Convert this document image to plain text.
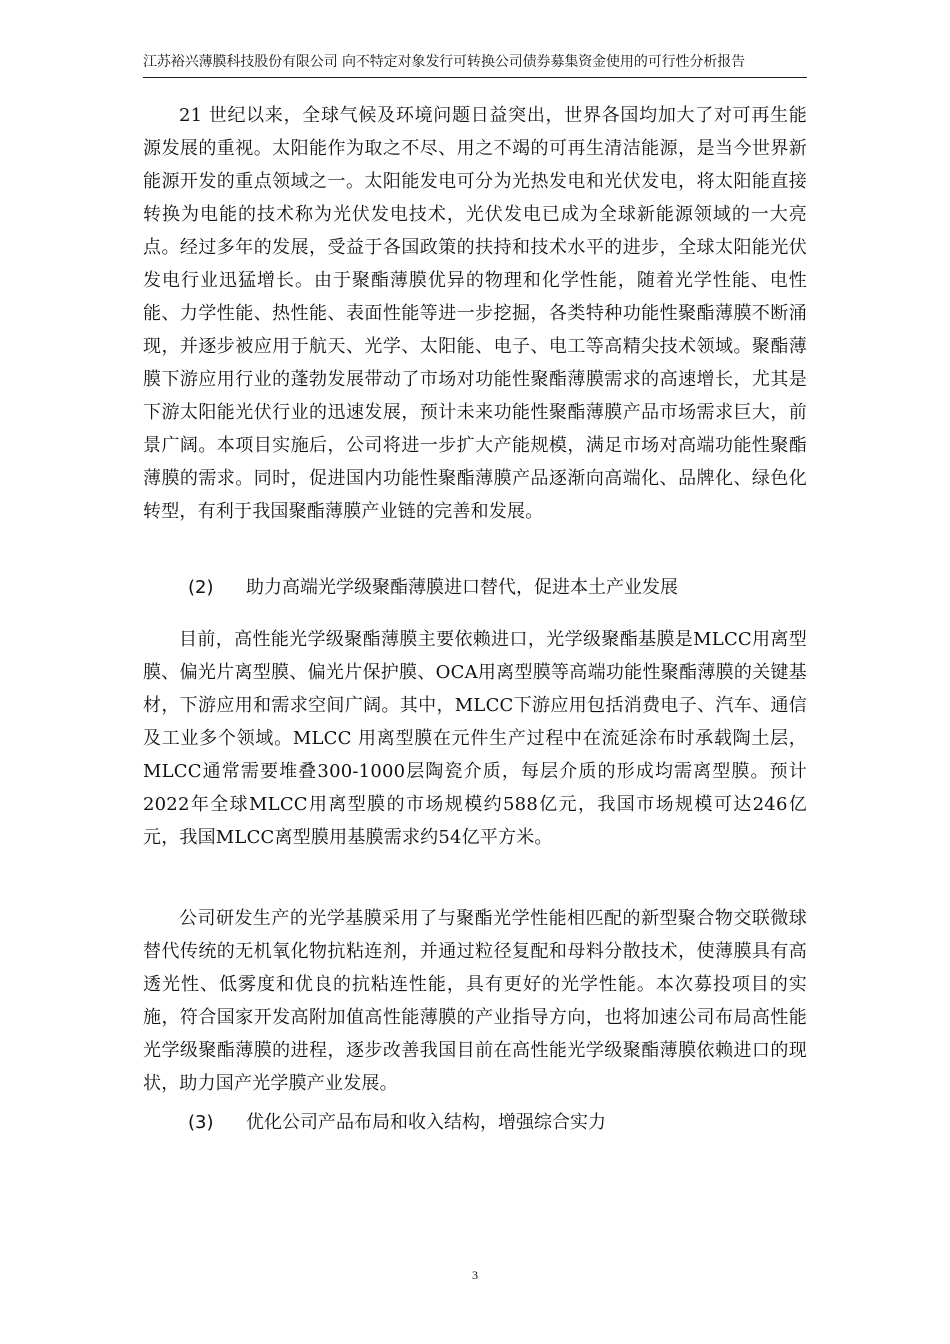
江苏裕兴薄膜科技股份有限公司 向不特定对象发行可转换公司债券募集资金使用的可行性分析报告

21 世纪以来，全球气候及环境问题日益突出，世界各国均加大了对可再生能源发展的重视。太阳能作为取之不尽、用之不竭的可再生清洁能源，是当今世界新能源开发的重点领域之一。太阳能发电可分为光热发电和光伏发电，将太阳能直接转换为电能的技术称为光伏发电技术，光伏发电已成为全球新能源领域的一大亮点。经过多年的发展，受益于各国政策的扶持和技术水平的进步，全球太阳能光伏发电行业迅猛增长。由于聚酯薄膜优异的物理和化学性能，随着光学性能、电性能、力学性能、热性能、表面性能等进一步挖掘，各类特种功能性聚酯薄膜不断涌现，并逐步被应用于航天、光学、太阳能、电子、电工等高精尖技术领域。聚酯薄膜下游应用行业的蓬勃发展带动了市场对功能性聚酯薄膜需求的高速增长，尤其是下游太阳能光伏行业的迅速发展，预计未来功能性聚酯薄膜产品市场需求巨大，前景广阔。本项目实施后，公司将进一步扩大产能规模，满足市场对高端功能性聚酯薄膜的需求。同时，促进国内功能性聚酯薄膜产品逐渐向高端化、品牌化、绿色化转型，有利于我国聚酯薄膜产业链的完善和发展。

(2) 助力高端光学级聚酯薄膜进口替代，促进本土产业发展

目前，高性能光学级聚酯薄膜主要依赖进口，光学级聚酯基膜是MLCC用离型膜、偏光片离型膜、偏光片保护膜、OCA用离型膜等高端功能性聚酯薄膜的关键基材，下游应用和需求空间广阔。其中，MLCC下游应用包括消费电子、汽车、通信及工业多个领域。MLCC 用离型膜在元件生产过程中在流延涂布时承载陶土层，MLCC通常需要堆叠300-1000层陶瓷介质，每层介质的形成均需离型膜。预计2022年全球MLCC用离型膜的市场规模约588亿元，我国市场规模可达246亿元，我国MLCC离型膜用基膜需求约54亿平方米。

公司研发生产的光学基膜采用了与聚酯光学性能相匹配的新型聚合物交联微球替代传统的无机氧化物抗粘连剂，并通过粒径复配和母料分散技术，使薄膜具有高透光性、低雾度和优良的抗粘连性能，具有更好的光学性能。本次募投项目的实施，符合国家开发高附加值高性能薄膜的产业指导方向，也将加速公司布局高性能光学级聚酯薄膜的进程，逐步改善我国目前在高性能光学级聚酯薄膜依赖进口的现状，助力国产光学膜产业发展。

(3) 优化公司产品布局和收入结构，增强综合实力
3
